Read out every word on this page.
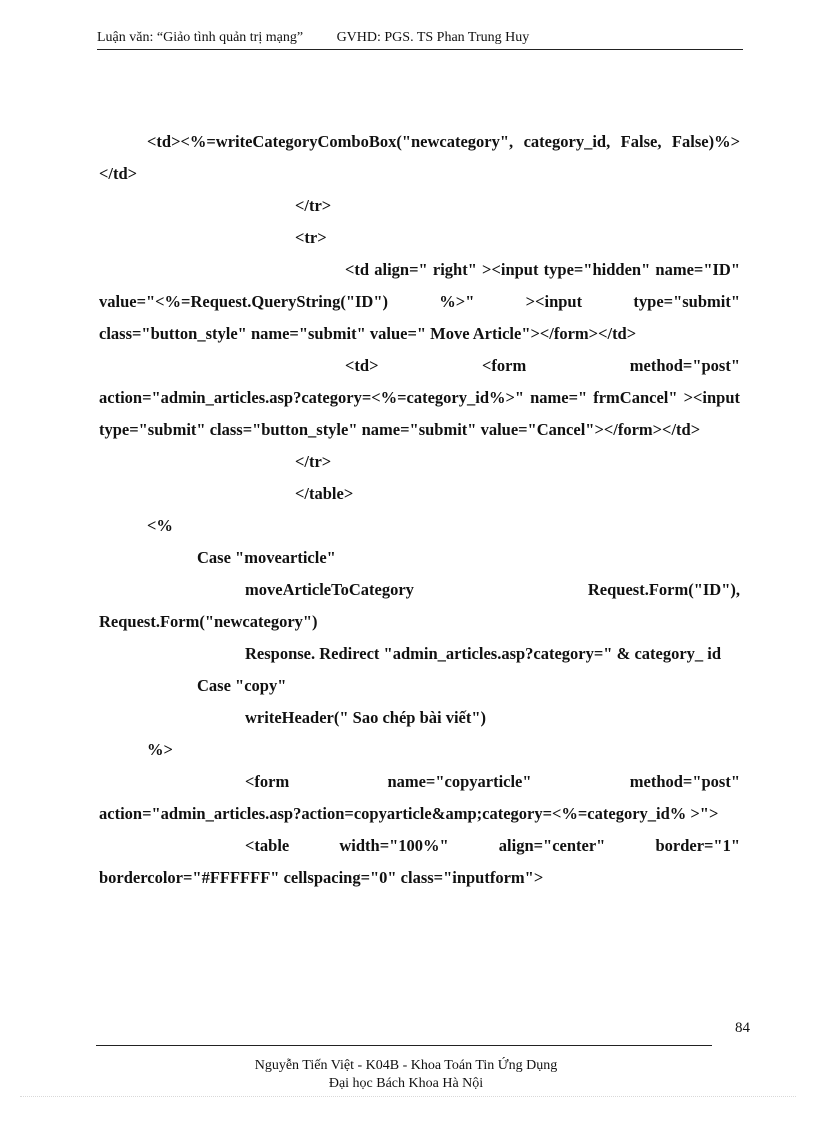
Luận văn: “Giảo tình quản trị mạng” GVHD: PGS. TS Phan Trung Huy

<td><%=writeCategoryComboBox("newcategory", category_id, False, False)%></td>

</tr>

<tr>

<td align=" right" ><input type="hidden" name="ID" value="<%=Request.QueryString("ID") %>" ><input type="submit" class="button_style" name="submit" value=" Move Article"></form></td>

<td> <form method="post" action="admin_articles.asp?category=<%=category_id%>" name=" frmCancel" ><input type="submit" class="button_style" name="submit" value="Cancel"></form></td>

</tr>

</table>

<%

Case "movearticle"

moveArticleToCategory Request.Form("ID"), Request.Form("newcategory")

Response. Redirect "admin_articles.asp?category=" & category_ id

Case "copy"

writeHeader(" Sao chép bài viết")

%>

<form name="copyarticle" method="post" action="admin_articles.asp?action=copyarticle&amp;category=<%=category_id% >">

<table width="100%" align="center" border="1" bordercolor="#FFFFFF" cellspacing="0" class="inputform">

84
Nguyễn Tiến Việt - K04B - Khoa Toán Tin Ứng Dụng
Đại học Bách Khoa Hà Nội
